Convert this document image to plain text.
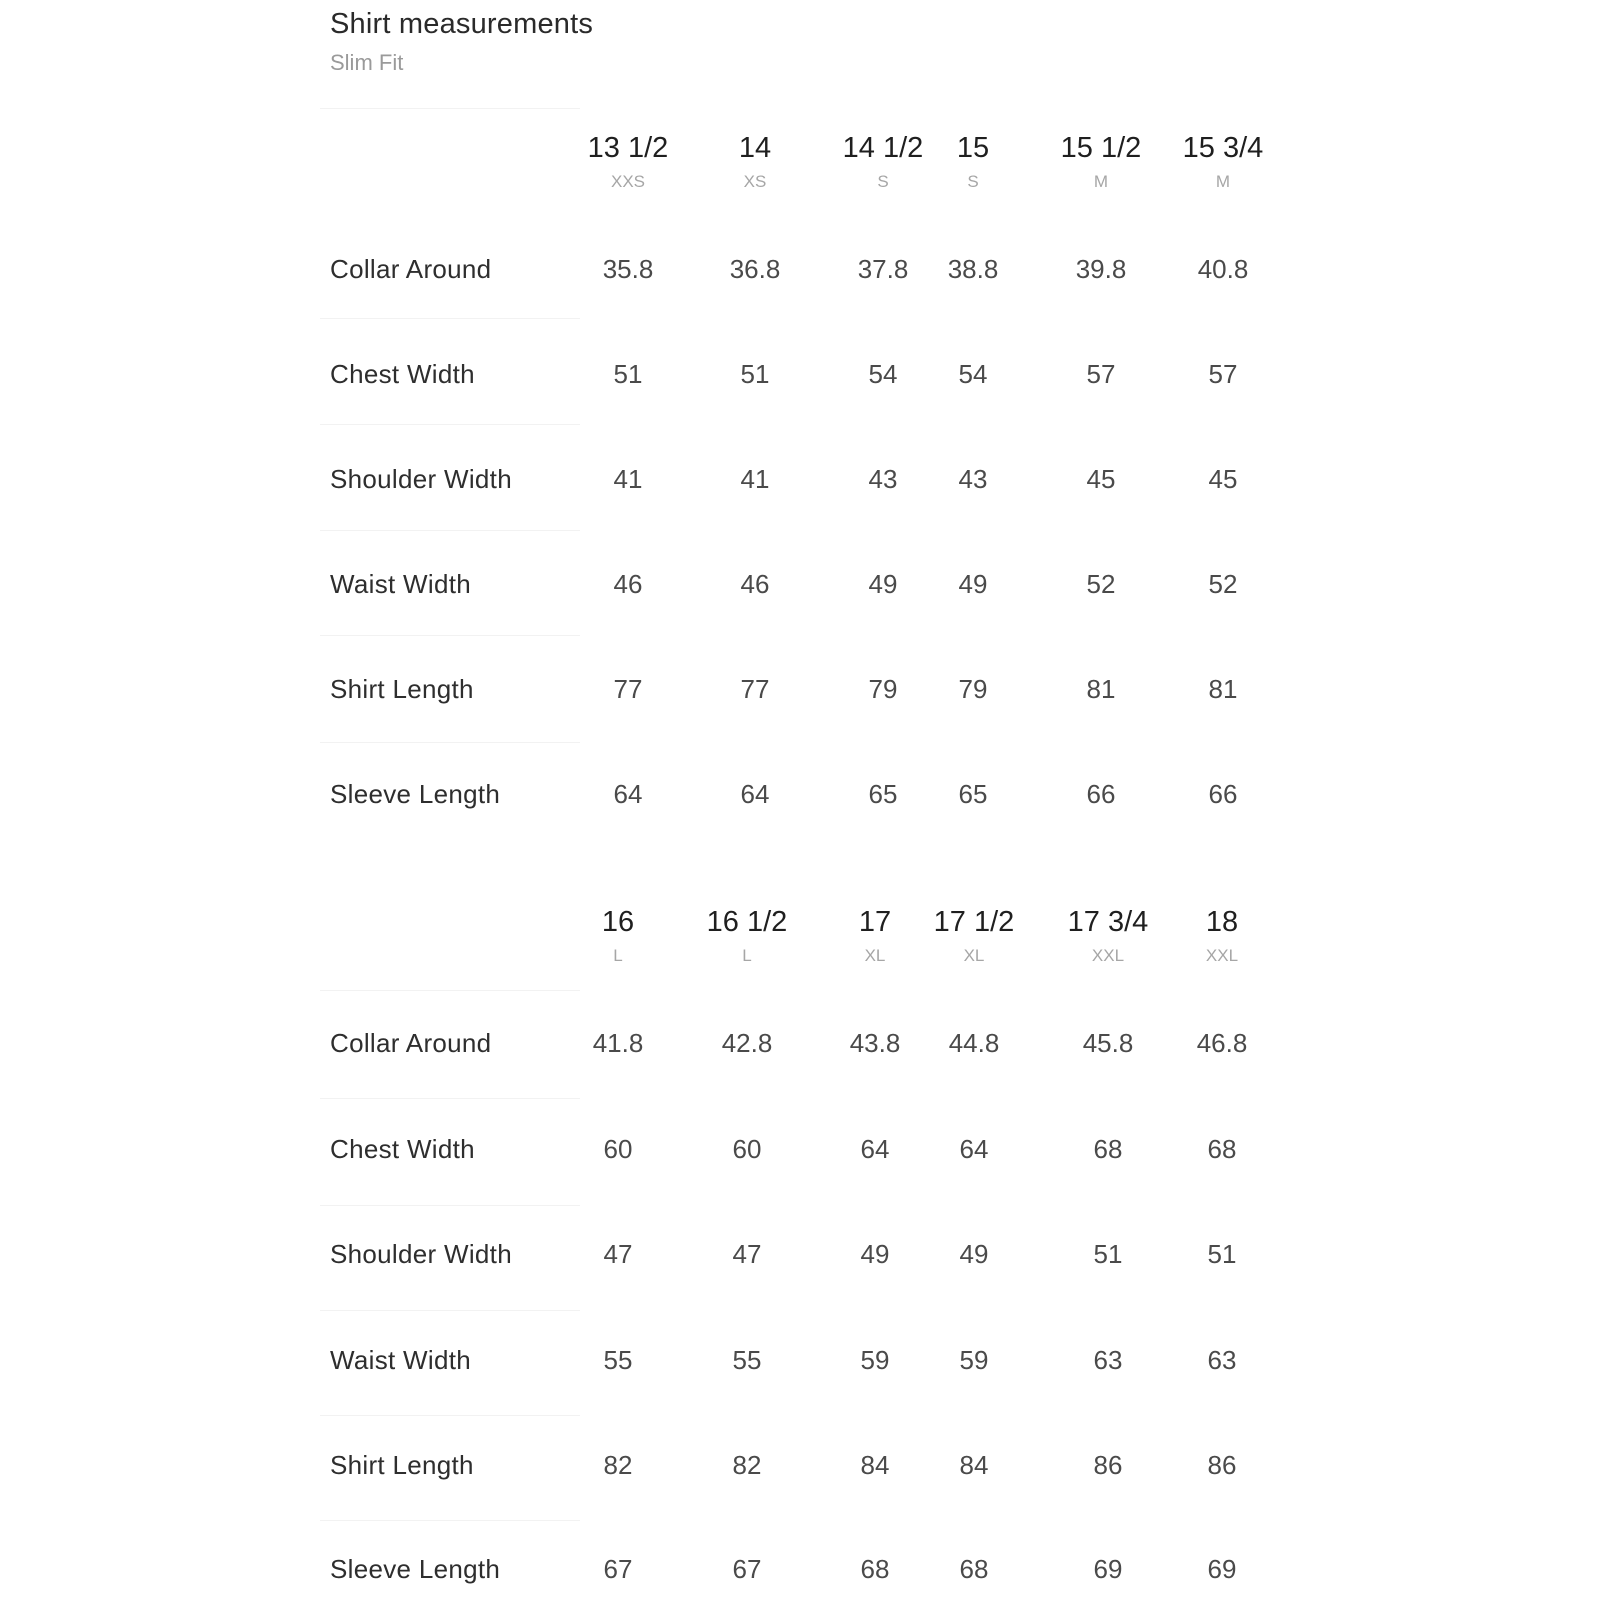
Shirt measurements
Slim Fit
13 1/2	14	14 1/2	15	15 1/2	15 3/4
XXS	XS	S	S	M	M
Collar Around	35.8	36.8	37.8	38.8	39.8	40.8
Chest Width	51	51	54	54	57	57
Shoulder Width	41	41	43	43	45	45
Waist Width	46	46	49	49	52	52
Shirt Length	77	77	79	79	81	81
Sleeve Length	64	64	65	65	66	66
16	16 1/2	17	17 1/2	17 3/4	18
L	L	XL	XL	XXL	XXL
Collar Around	41.8	42.8	43.8	44.8	45.8	46.8
Chest Width	60	60	64	64	68	68
Shoulder Width	47	47	49	49	51	51
Waist Width	55	55	59	59	63	63
Shirt Length	82	82	84	84	86	86
Sleeve Length	67	67	68	68	69	69
